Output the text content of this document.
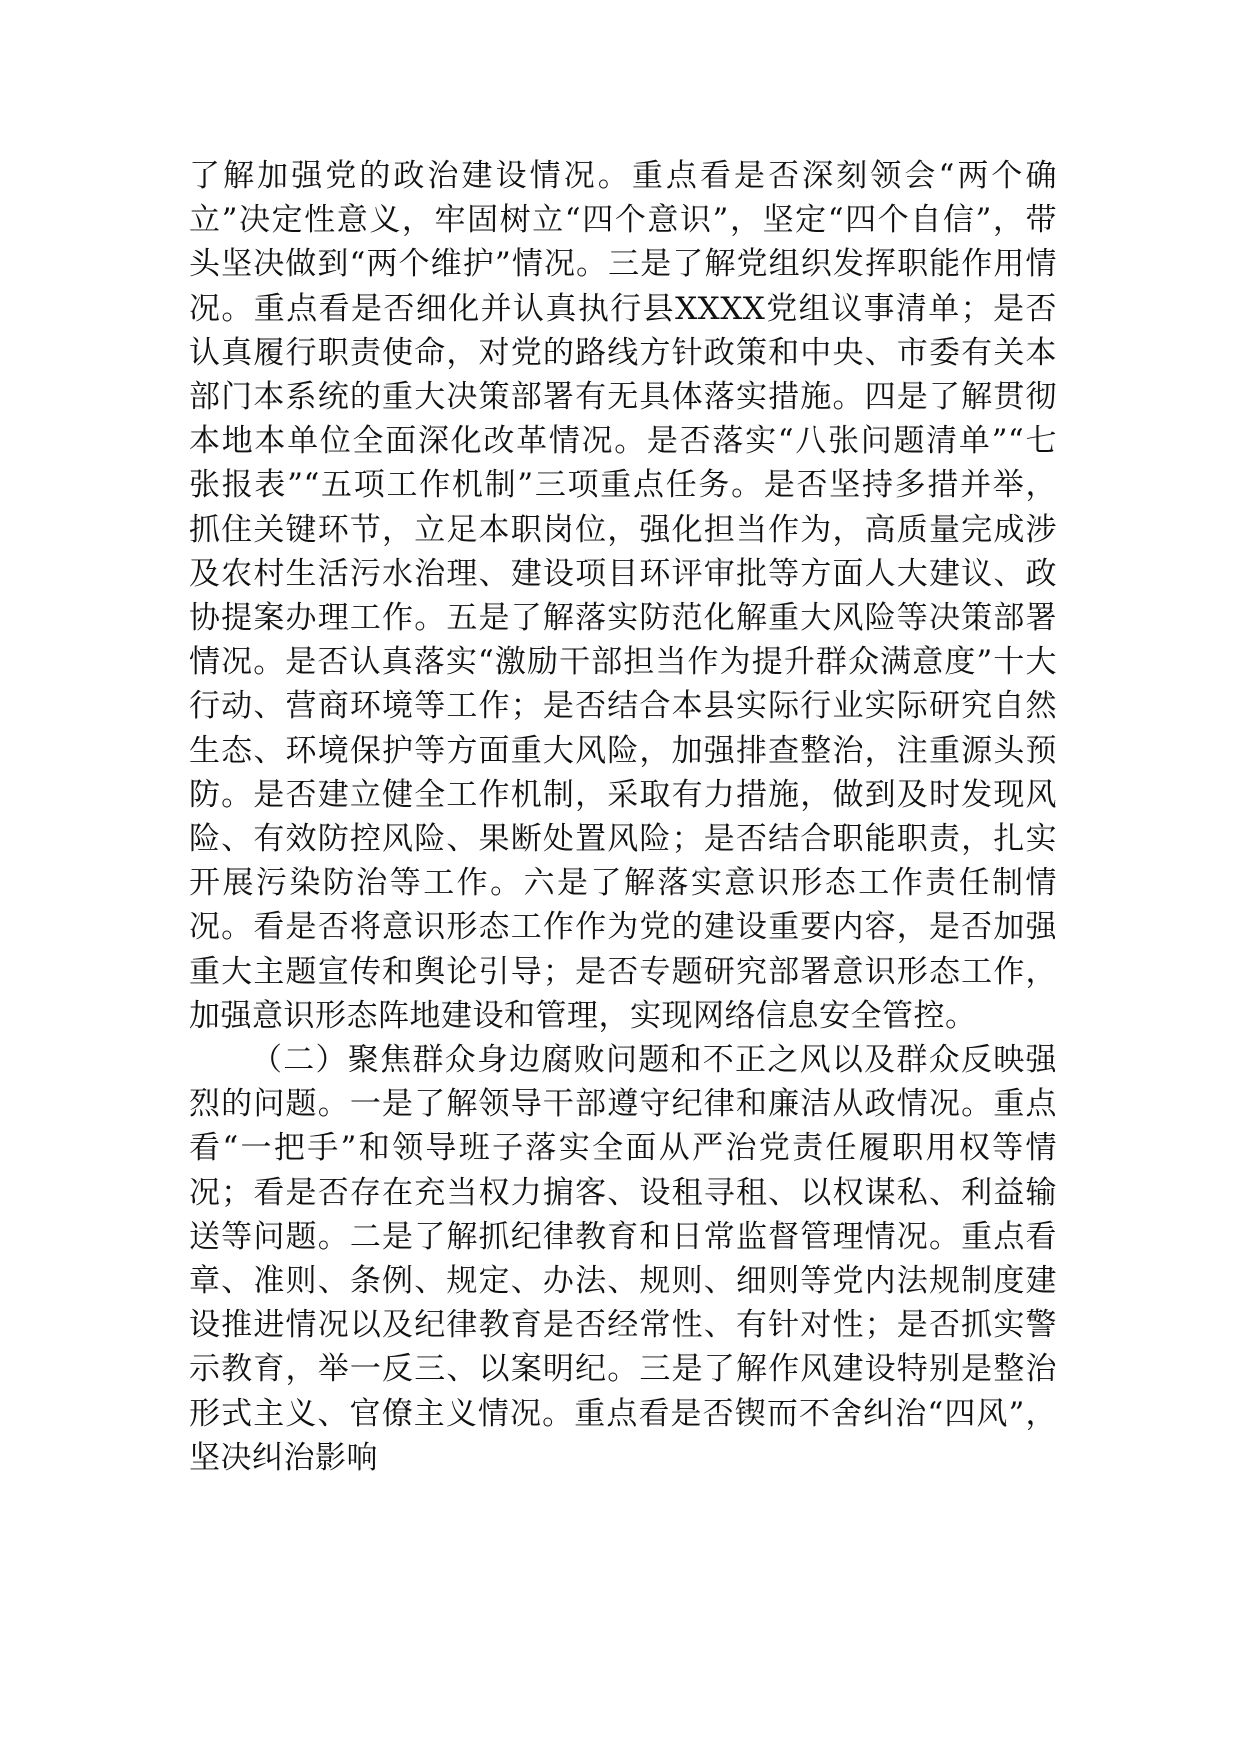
了解加强党的政治建设情况。重点看是否深刻领会“两个确立”决定性意义，牢固树立“四个意识”，坚定“四个自信”，带头坚决做到“两个维护”情况。三是了解党组织发挥职能作用情况。重点看是否细化并认真执行县XXXX党组议事清单；是否认真履行职责使命，对党的路线方针政策和中央、市委有关本部门本系统的重大决策部署有无具体落实措施。四是了解贯彻本地本单位全面深化改革情况。是否落实“八张问题清单”“七张报表”“五项工作机制”三项重点任务。是否坚持多措并举，抓住关键环节，立足本职岗位，强化担当作为，高质量完成涉及农村生活污水治理、建设项目环评审批等方面人大建议、政协提案办理工作。五是了解落实防范化解重大风险等决策部署情况。是否认真落实“激励干部担当作为提升群众满意度”十大行动、营商环境等工作；是否结合本县实际行业实际研究自然生态、环境保护等方面重大风险，加强排查整治，注重源头预防。是否建立健全工作机制，采取有力措施，做到及时发现风险、有效防控风险、果断处置风险；是否结合职能职责，扎实开展污染防治等工作。六是了解落实意识形态工作责任制情况。看是否将意识形态工作作为党的建设重要内容，是否加强重大主题宣传和舆论引导；是否专题研究部署意识形态工作，加强意识形态阵地建设和管理，实现网络信息安全管控。

（二）聚焦群众身边腐败问题和不正之风以及群众反映强烈的问题。一是了解领导干部遵守纪律和廉洁从政情况。重点看“一把手”和领导班子落实全面从严治党责任履职用权等情况；看是否存在充当权力掮客、设租寻租、以权谋私、利益输送等问题。二是了解抓纪律教育和日常监督管理情况。重点看章、准则、条例、规定、办法、规则、细则等党内法规制度建设推进情况以及纪律教育是否经常性、有针对性；是否抓实警示教育，举一反三、以案明纪。三是了解作风建设特别是整治形式主义、官僚主义情况。重点看是否锲而不舍纠治“四风”，坚决纠治影响
